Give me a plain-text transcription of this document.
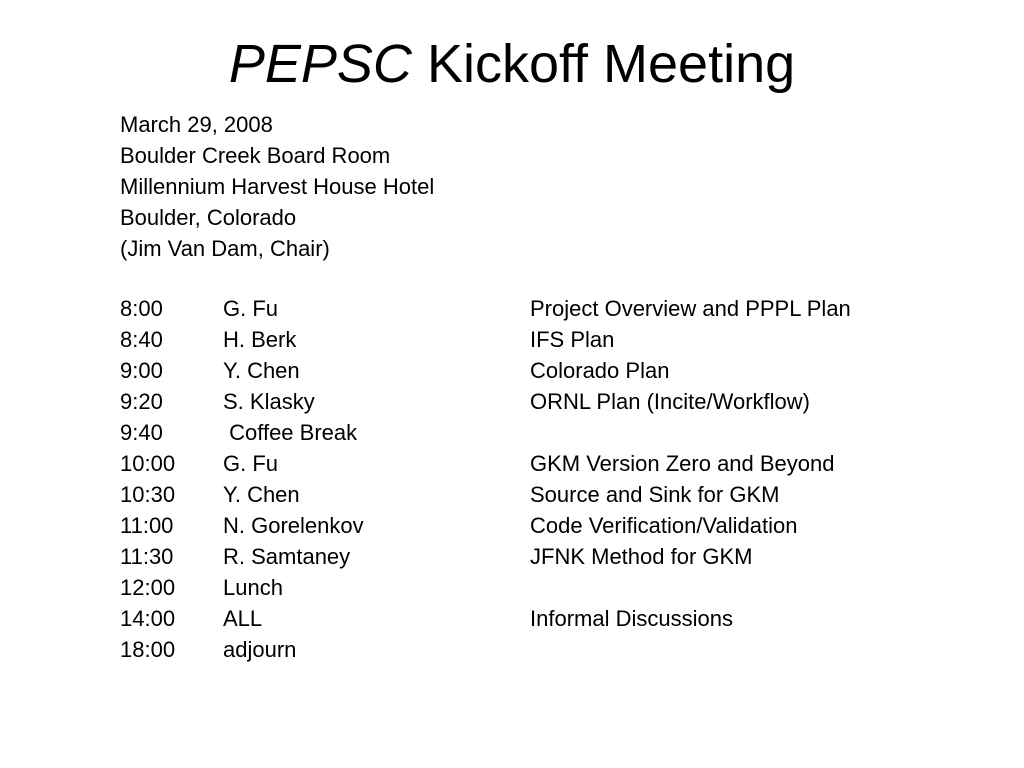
PEPSC Kickoff Meeting
March 29, 2008
Boulder Creek Board Room
Millennium Harvest House Hotel
Boulder, Colorado
(Jim Van Dam, Chair)
8:00	G. Fu	Project Overview and PPPL Plan
8:40	H. Berk	IFS Plan
9:00	Y. Chen	Colorado Plan
9:20	S. Klasky	ORNL Plan (Incite/Workflow)
9:40	Coffee Break
10:00 G. Fu	GKM Version Zero and Beyond
10:30 Y. Chen	Source and Sink for GKM
11:00 N. Gorelenkov	Code Verification/Validation
11:30 R. Samtaney	JFNK Method for GKM
12:00 Lunch
14:00 ALL	Informal Discussions
18:00 adjourn
